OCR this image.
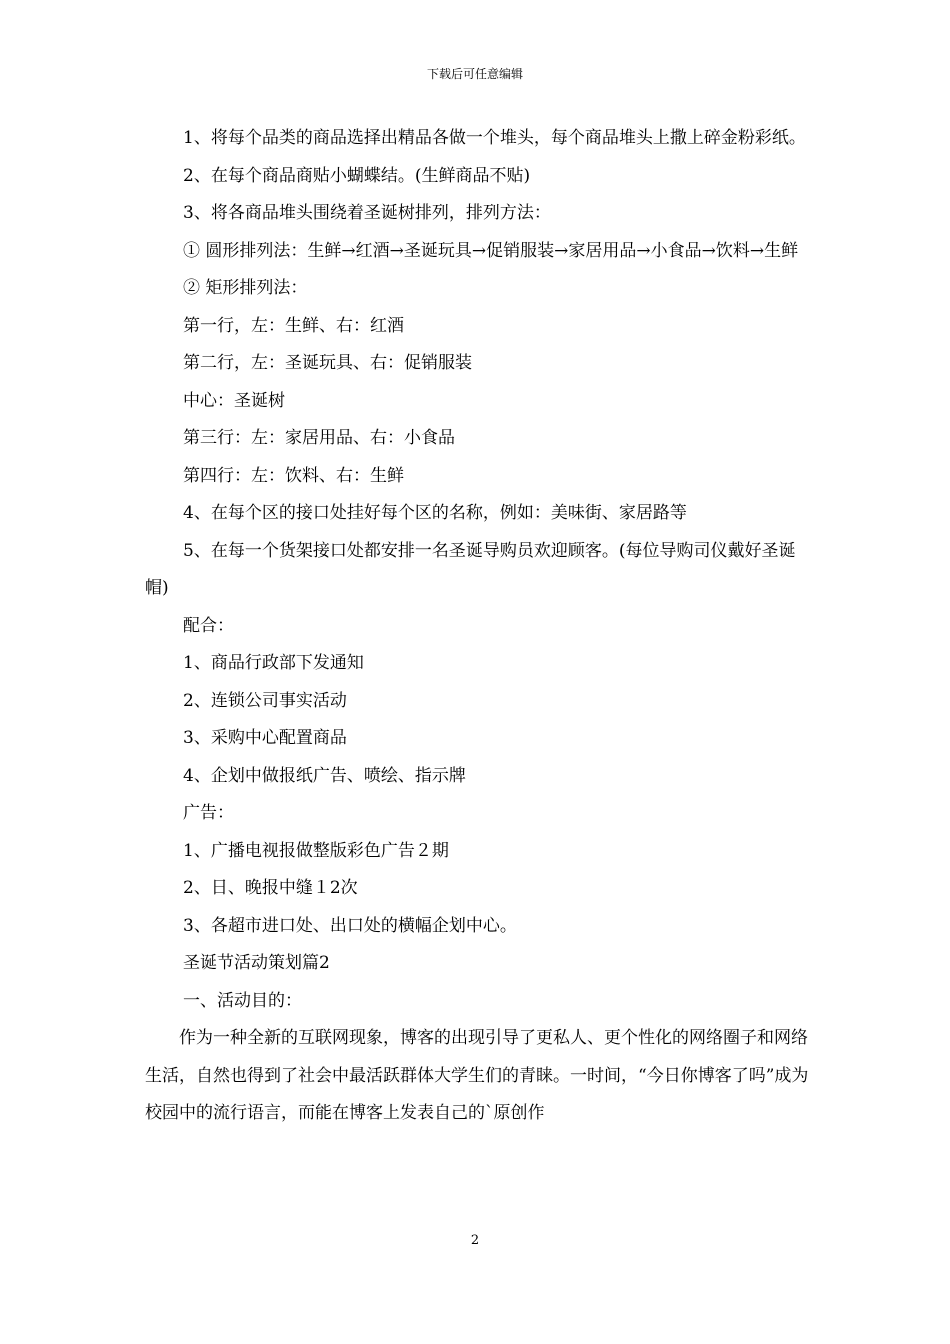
下载后可任意编辑

1、将每个品类的商品选择出精品各做一个堆头，每个商品堆头上撒上碎金粉彩纸。

2、在每个商品商贴小蝴蝶结。(生鲜商品不贴)

3、将各商品堆头围绕着圣诞树排列，排列方法：

① 圆形排列法：生鲜→红酒→圣诞玩具→促销服装→家居用品→小食品→饮料→生鲜

② 矩形排列法：

第一行，左：生鲜、右：红酒

第二行，左：圣诞玩具、右：促销服装

中心：圣诞树

第三行：左：家居用品、右：小食品

第四行：左：饮料、右：生鲜

4、在每个区的接口处挂好每个区的名称，例如：美味街、家居路等

5、在每一个货架接口处都安排一名圣诞导购员欢迎顾客。(每位导购司仪戴好圣诞帽)

配合：

1、商品行政部下发通知

2、连锁公司事实活动

3、采购中心配置商品

4、企划中做报纸广告、喷绘、指示牌

广告：

1、广播电视报做整版彩色广告２期

2、日、晚报中缝１2次

3、各超市进口处、出口处的横幅企划中心。

圣诞节活动策划篇2

一、活动目的：

作为一种全新的互联网现象，博客的出现引导了更私人、更个性化的网络圈子和网络生活，自然也得到了社会中最活跃群体大学生们的青睐。一时间，“今日你博客了吗”成为校园中的流行语言，而能在博客上发表自己的`原创作

2
